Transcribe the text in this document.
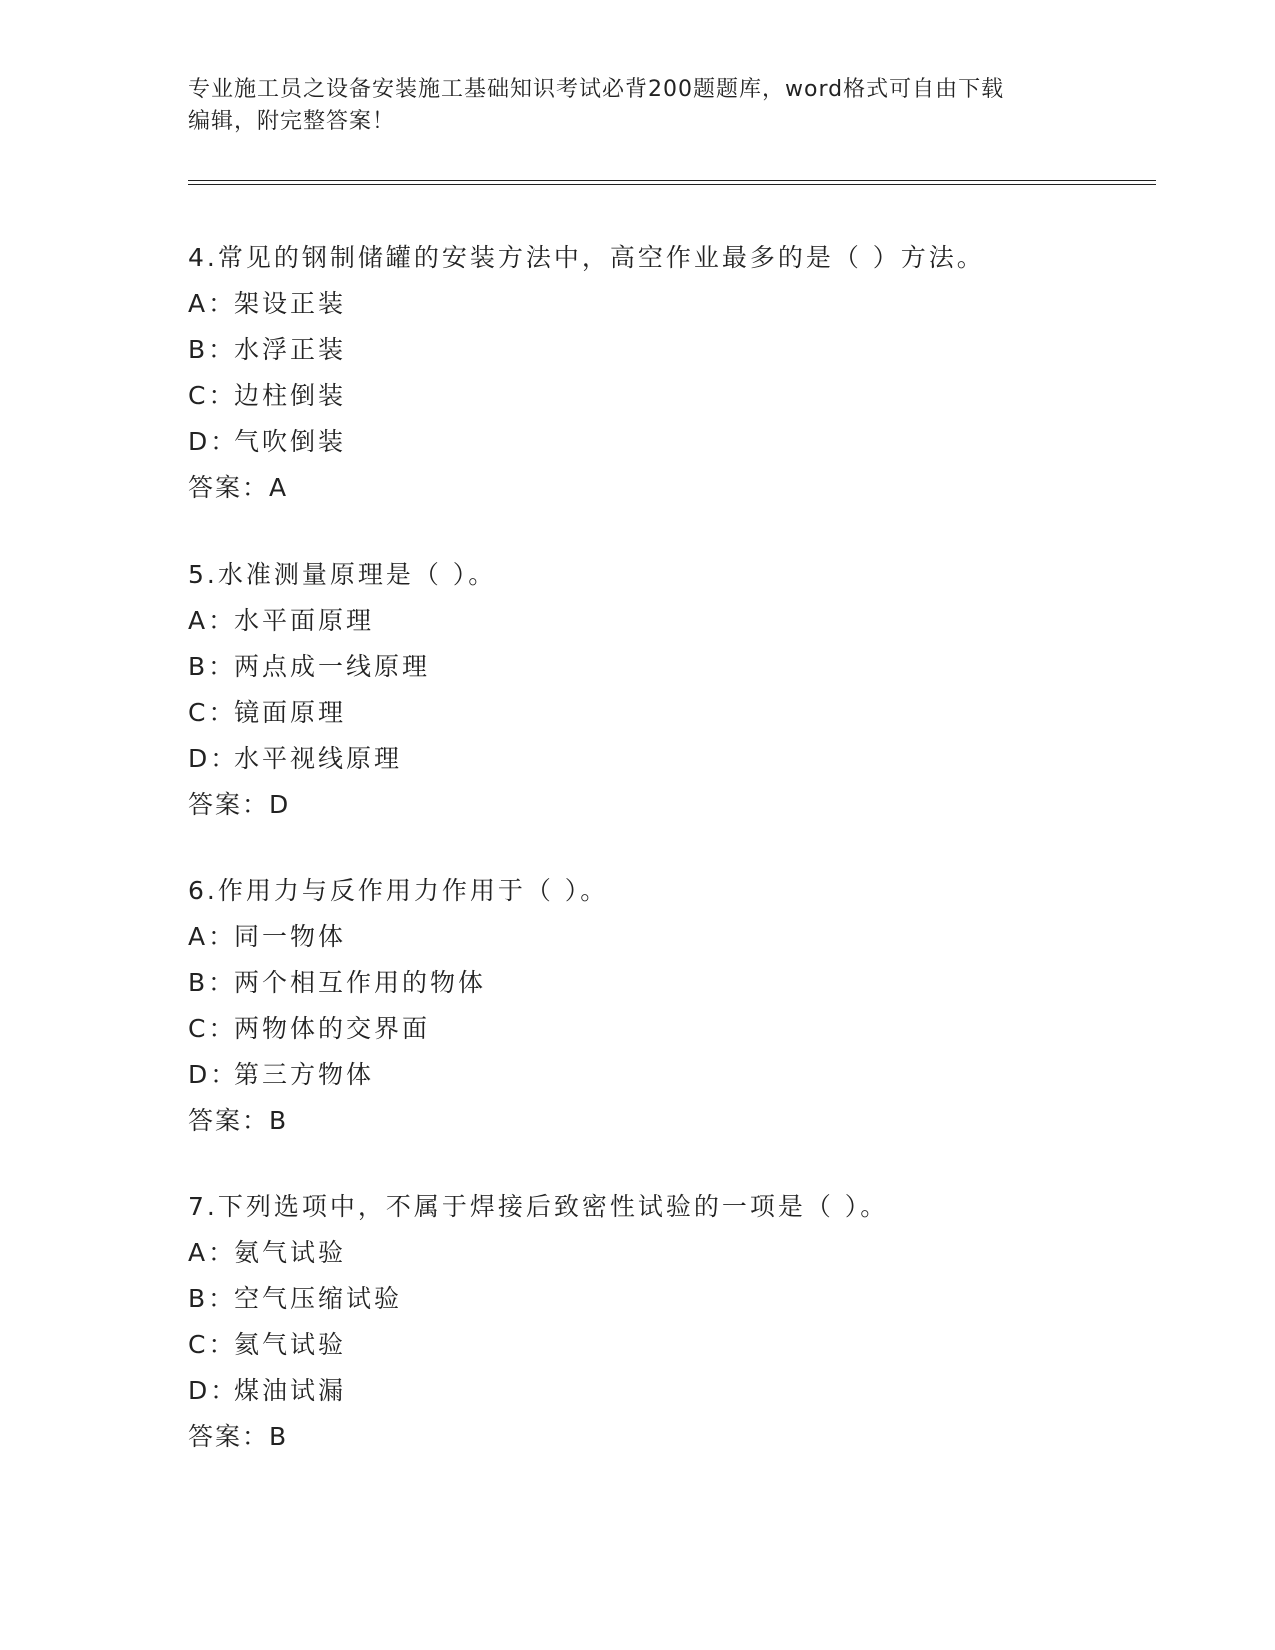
专业施工员之设备安装施工基础知识考试必背200题题库，word格式可自由下载
编辑，附完整答案！
4.常见的钢制储罐的安装方法中，高空作业最多的是（ ）方法。
A：架设正装
B：水浮正装
C：边柱倒装
D：气吹倒装
答案：A
5.水准测量原理是（ ）。
A：水平面原理
B：两点成一线原理
C：镜面原理
D：水平视线原理
答案：D
6.作用力与反作用力作用于（ ）。
A：同一物体
B：两个相互作用的物体
C：两物体的交界面
D：第三方物体
答案：B
7.下列选项中，不属于焊接后致密性试验的一项是（ ）。
A：氨气试验
B：空气压缩试验
C：氦气试验
D：煤油试漏
答案：B
